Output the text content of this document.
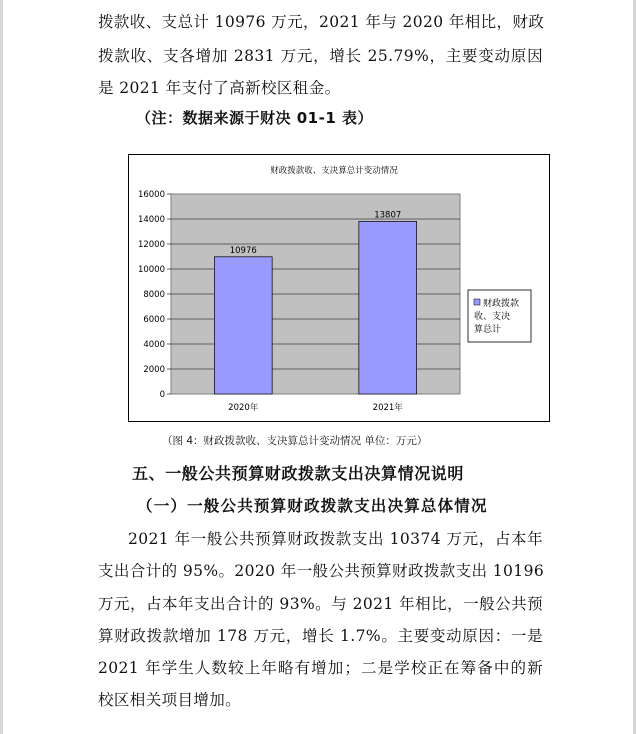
拨款收、支总计 10976 万元，2021 年与 2020 年相比，财政
拨款收、支各增加 2831 万元，增长 25.79%，主要变动原因
是 2021 年支付了高新校区租金。
（注：数据来源于财决 01-1 表）
财政拨款收、支决算总计变动情况
0
2000
4000
6000
8000
10000
12000
14000
16000
10976
13807
2020年	2021年
财政拨款
收、支决
算总计
（图 4：财政拨款收、支决算总计变动情况 单位：万元）
五、一般公共预算财政拨款支出决算情况说明
（一）一般公共预算财政拨款支出决算总体情况
2021 年一般公共预算财政拨款支出 10374 万元，占本年
支出合计的 95%。2020 年一般公共预算财政拨款支出 10196
万元，占本年支出合计的 93%。与 2021 年相比，一般公共预
算财政拨款增加 178 万元，增长 1.7%。主要变动原因：一是
2021 年学生人数较上年略有增加；二是学校正在筹备中的新
校区相关项目增加。
